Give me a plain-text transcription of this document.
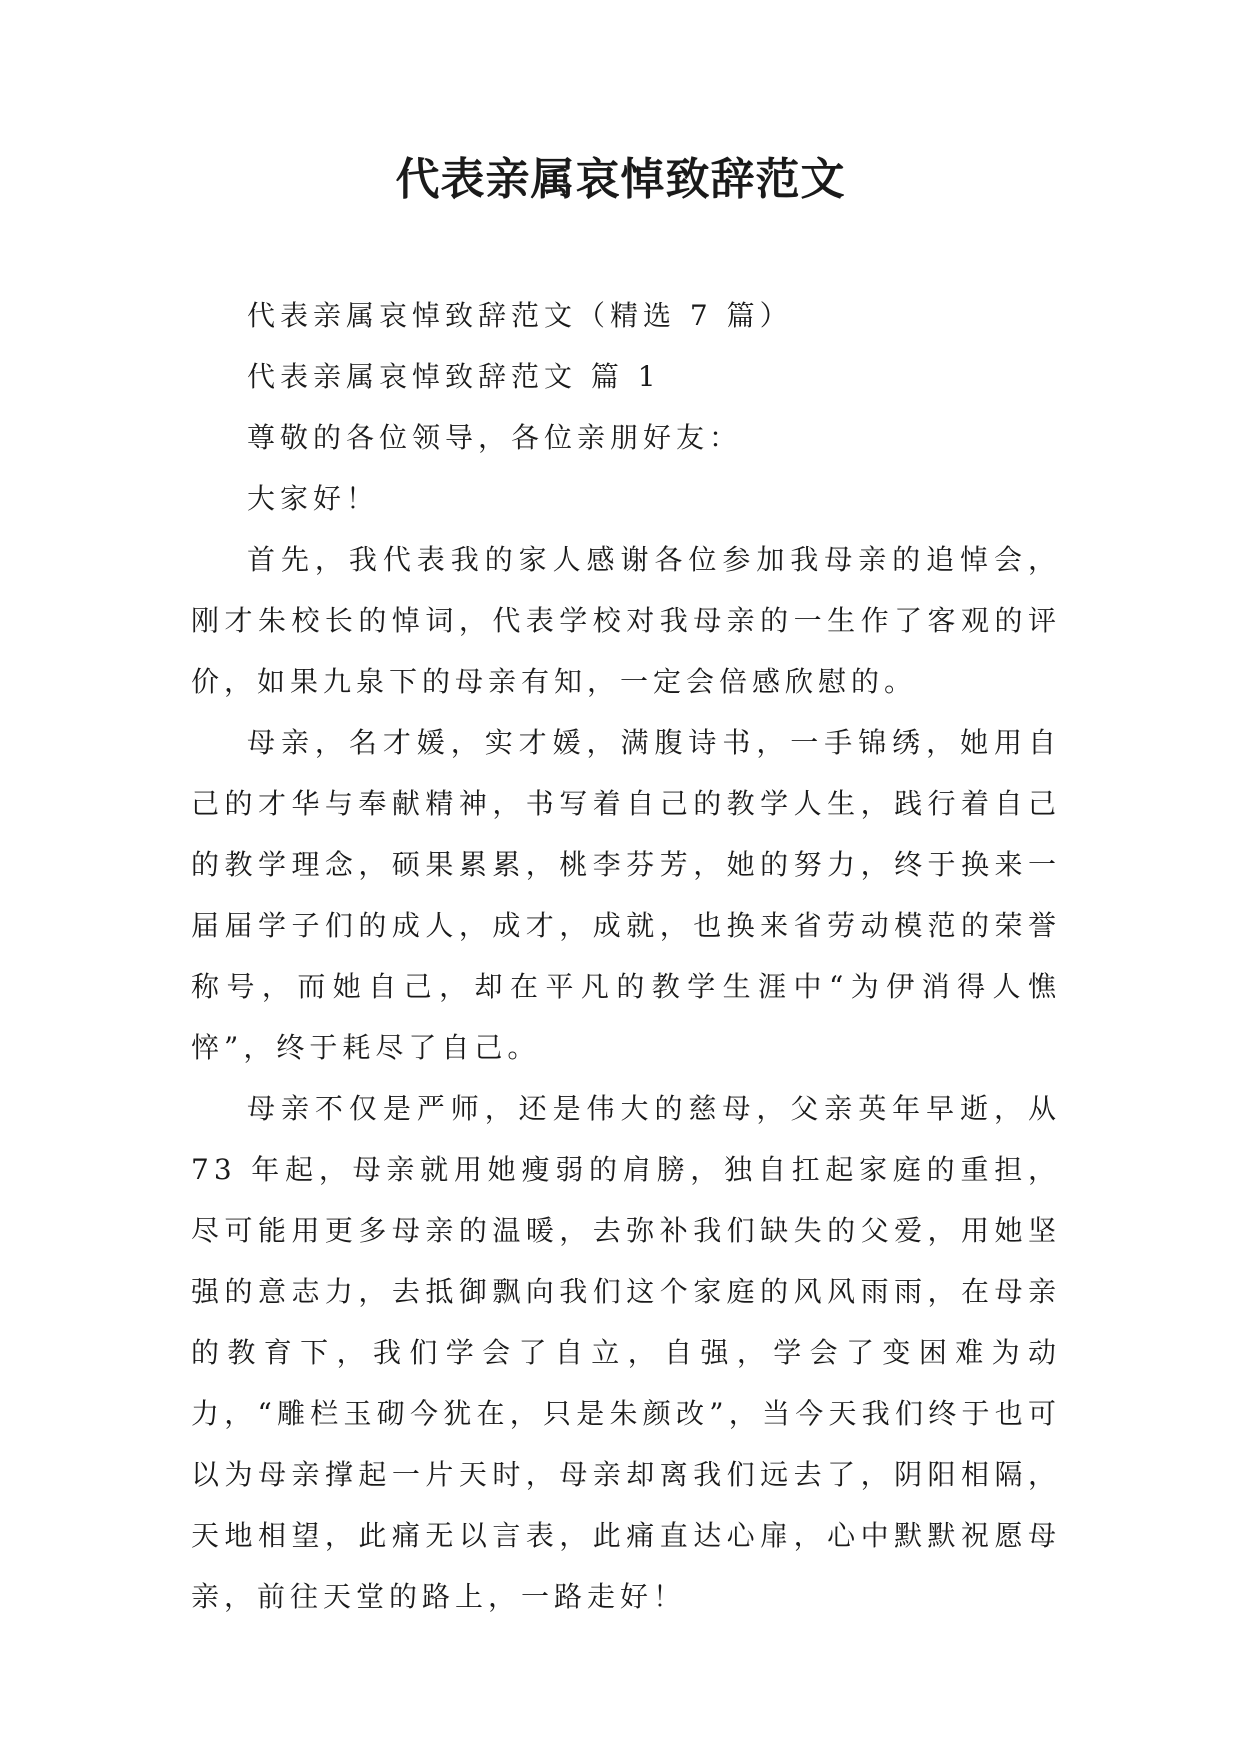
代表亲属哀悼致辞范文

代表亲属哀悼致辞范文（精选 7 篇）

代表亲属哀悼致辞范文 篇 1

尊敬的各位领导，各位亲朋好友：

大家好！

首先，我代表我的家人感谢各位参加我母亲的追悼会，刚才朱校长的悼词，代表学校对我母亲的一生作了客观的评价，如果九泉下的母亲有知，一定会倍感欣慰的。

母亲，名才媛，实才媛，满腹诗书，一手锦绣，她用自己的才华与奉献精神，书写着自己的教学人生，践行着自己的教学理念，硕果累累，桃李芬芳，她的努力，终于换来一届届学子们的成人，成才，成就，也换来省劳动模范的荣誉称号，而她自己，却在平凡的教学生涯中“为伊消得人憔悴”，终于耗尽了自己。

母亲不仅是严师，还是伟大的慈母，父亲英年早逝，从 73 年起，母亲就用她瘦弱的肩膀，独自扛起家庭的重担，尽可能用更多母亲的温暖，去弥补我们缺失的父爱，用她坚强的意志力，去抵御飘向我们这个家庭的风风雨雨，在母亲的教育下，我们学会了自立，自强，学会了变困难为动力，“雕栏玉砌今犹在，只是朱颜改”，当今天我们终于也可以为母亲撑起一片天时，母亲却离我们远去了，阴阳相隔，天地相望，此痛无以言表，此痛直达心扉，心中默默祝愿母亲，前往天堂的路上，一路走好！
